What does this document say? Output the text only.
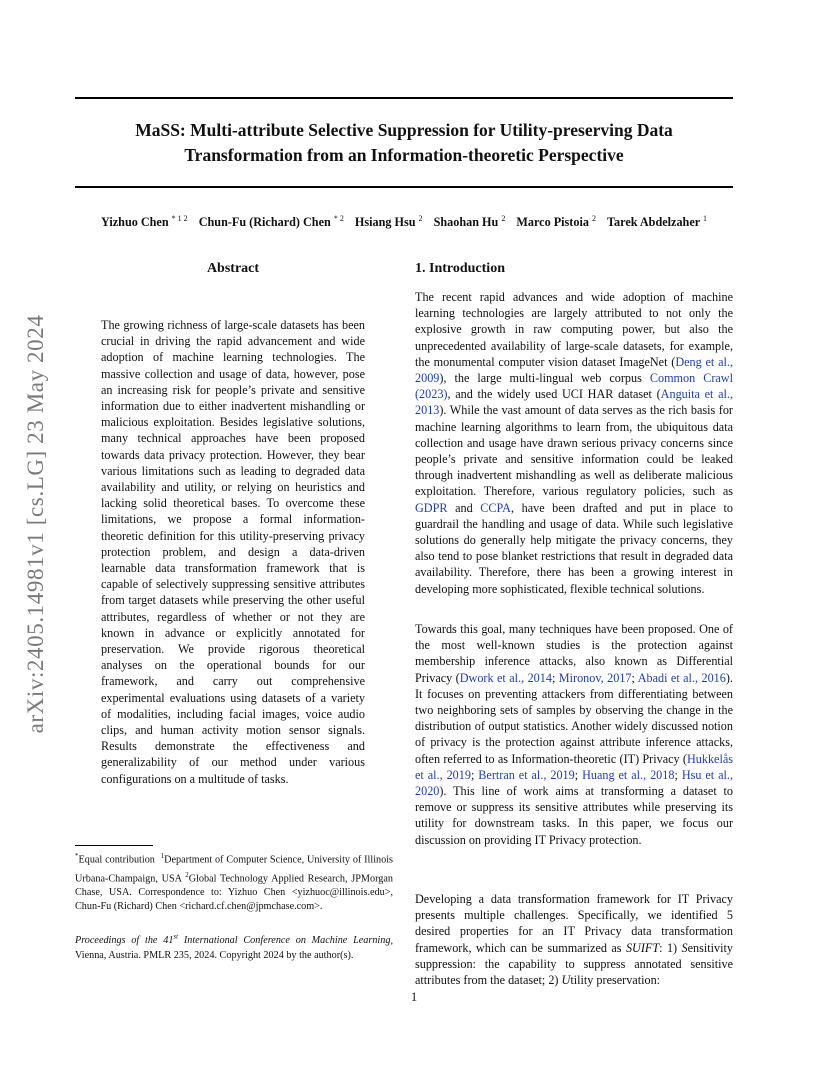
arXiv:2405.14981v1 [cs.LG] 23 May 2024
MaSS: Multi-attribute Selective Suppression for Utility-preserving Data
Transformation from an Information-theoretic Perspective
Yizhuo Chen $^{* 1 2}$ Chun-Fu (Richard) Chen $^{* 2}$ Hsiang Hsu $^2$ Shaohan Hu $^2$ Marco Pistoia $^2$ Tarek Abdelzaher $^1$
Abstract

The growing richness of large-scale datasets has been crucial in driving the rapid advancement and wide adoption of machine learning technologies. The massive collection and usage of data, however, pose an increasing risk for people’s private and sensitive information due to either inadvertent mishandling or malicious exploitation. Besides legislative solutions, many technical approaches have been proposed towards data privacy protection. However, they bear various limitations such as leading to degraded data availability and utility, or relying on heuristics and lacking solid theoretical bases. To overcome these limitations, we propose a formal information-theoretic definition for this utility-preserving privacy protection problem, and design a data-driven learnable data transformation framework that is capable of selectively suppressing sensitive attributes from target datasets while preserving the other useful attributes, regardless of whether or not they are known in advance or explicitly annotated for preservation. We provide rigorous theoretical analyses on the operational bounds for our framework, and carry out comprehensive experimental evaluations using datasets of a variety of modalities, including facial images, voice audio clips, and human activity motion sensor signals. Results demonstrate the effectiveness and generalizability of our method under various configurations on a multitude of tasks.

*Equal contribution $^1$Department of Computer Science, University of Illinois Urbana-Champaign, USA $^2$Global Technology Applied Research, JPMorgan Chase, USA. Correspondence to: Yizhuo Chen <yizhuoc@illinois.edu>, Chun-Fu (Richard) Chen <richard.cf.chen@jpmchase.com>.

Proceedings of the 41st International Conference on Machine Learning, Vienna, Austria. PMLR 235, 2024. Copyright 2024 by the author(s).

1. Introduction

The recent rapid advances and wide adoption of machine learning technologies are largely attributed to not only the explosive growth in raw computing power, but also the unprecedented availability of large-scale datasets, for example, the monumental computer vision dataset ImageNet (Deng et al., 2009), the large multi-lingual web corpus Common Crawl (2023), and the widely used UCI HAR dataset (Anguita et al., 2013). While the vast amount of data serves as the rich basis for machine learning algorithms to learn from, the ubiquitous data collection and usage have drawn serious privacy concerns since people’s private and sensitive information could be leaked through inadvertent mishandling as well as deliberate malicious exploitation. Therefore, various regulatory policies, such as GDPR and CCPA, have been drafted and put in place to guardrail the handling and usage of data. While such legislative solutions do generally help mitigate the privacy concerns, they also tend to pose blanket restrictions that result in degraded data availability. Therefore, there has been a growing interest in developing more sophisticated, flexible technical solutions.

Towards this goal, many techniques have been proposed. One of the most well-known studies is the protection against membership inference attacks, also known as Differential Privacy (Dwork et al., 2014; Mironov, 2017; Abadi et al., 2016). It focuses on preventing attackers from differentiating between two neighboring sets of samples by observing the change in the distribution of output statistics. Another widely discussed notion of privacy is the protection against attribute inference attacks, often referred to as Information-theoretic (IT) Privacy (Hukkelås et al., 2019; Bertran et al., 2019; Huang et al., 2018; Hsu et al., 2020). This line of work aims at transforming a dataset to remove or suppress its sensitive attributes while preserving its utility for downstream tasks. In this paper, we focus our discussion on providing IT Privacy protection.

Developing a data transformation framework for IT Privacy presents multiple challenges. Specifically, we identified 5 desired properties for an IT Privacy data transformation framework, which can be summarized as SUIFT: 1) Sensitivity suppression: the capability to suppress annotated sensitive attributes from the dataset; 2) Utility preservation:

1
